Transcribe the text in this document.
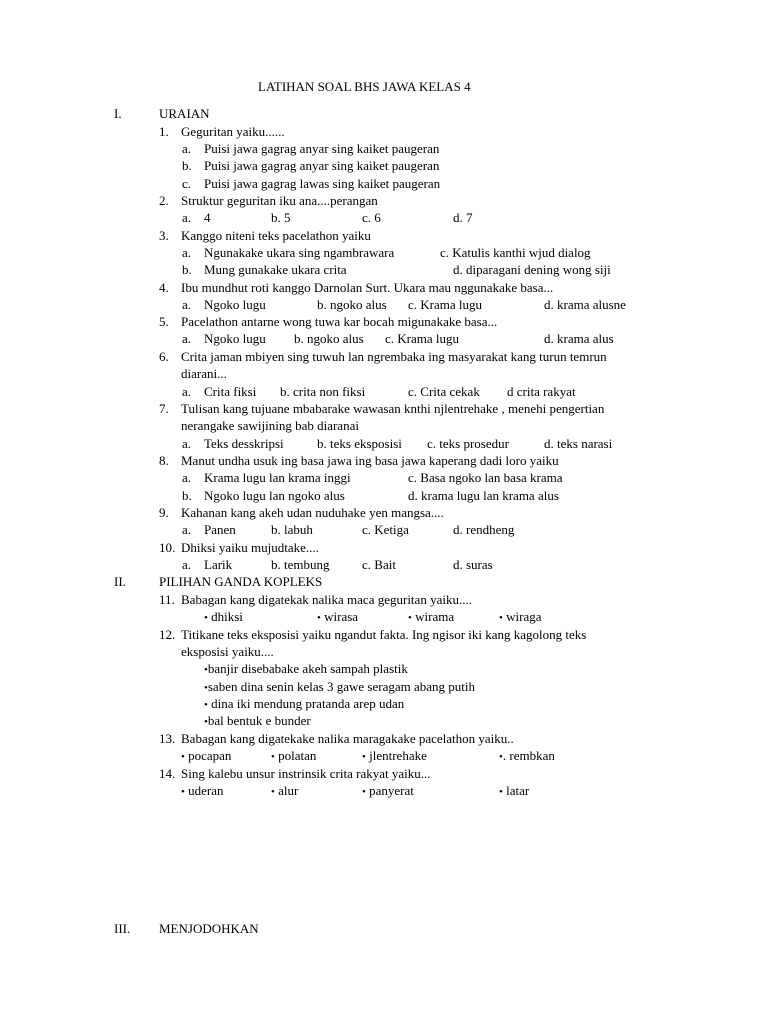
LATIHAN SOAL BHS JAWA KELAS 4
I.	URAIAN
1. Geguritan yaiku......
a. Puisi jawa gagrag anyar sing kaiket paugeran
b. Puisi jawa gagrag anyar sing kaiket paugeran
c. Puisi jawa gagrag lawas sing kaiket paugeran
2. Struktur geguritan iku ana....perangan
a. 4	b. 5	c. 6	d. 7
3. Kanggo niteni teks pacelathon yaiku
a. Ngunakake ukara sing ngambrawara	c. Katulis kanthi wjud dialog
b. Mung gunakake ukara crita	d. diparagani dening wong siji
4. Ibu mundhut roti kanggo Darnolan Surt. Ukara mau nggunakake basa...
a. Ngoko lugu	b. ngoko alus c. Krama lugu	d. krama alusne
5. Pacelathon antarne wong tuwa kar bocah migunakake basa...
a. Ngoko lugu b. ngoko alus c. Krama lugu	d. krama alus
6. Crita jaman mbiyen sing tuwuh lan ngrembaka ing masyarakat kang turun temrun
diarani...
a. Crita fiksi b. crita non fiksi	c. Crita cekak d crita rakyat
7. Tulisan kang tujuane mbabarake wawasan knthi njlentrehake , menehi pengertian
nerangake sawijining bab diaranai
a. Teks desskripsi	b. teks eksposisi c. teks prosedur	d. teks narasi
8. Manut undha usuk ing basa jawa ing basa jawa kaperang dadi loro yaiku
a. Krama lugu lan krama inggi	c. Basa ngoko lan basa krama
b. Ngoko lugu lan ngoko alus	d. krama lugu lan krama alus
9. Kahanan kang akeh udan nuduhake yen mangsa....
a. Panen	b. labuh	c. Ketiga	d. rendheng
10. Dhiksi yaiku mujudtake....
a. Larik	b. tembung	c. Bait	d. suras
II.	PILIHAN GANDA KOPLEKS
11. Babagan kang digatekak nalika maca geguritan yaiku....
• dhiksi	• wirasa	• wirama	• wiraga
12. Titikane teks eksposisi yaiku ngandut fakta. Ing ngisor iki kang kagolong teks
eksposisi yaiku....
•banjir disebabake akeh sampah plastik
•saben dina senin kelas 3 gawe seragam abang putih
• dina iki mendung pratanda arep udan
•bal bentuk e bunder
13. Babagan kang digatekake nalika maragakake pacelathon yaiku..
• pocapan	• polatan	• jlentrehake	•. rembkan
14. Sing kalebu unsur instrinsik crita rakyat yaiku...
• uderan	• alur	• panyerat	• latar
III. MENJODOHKAN
